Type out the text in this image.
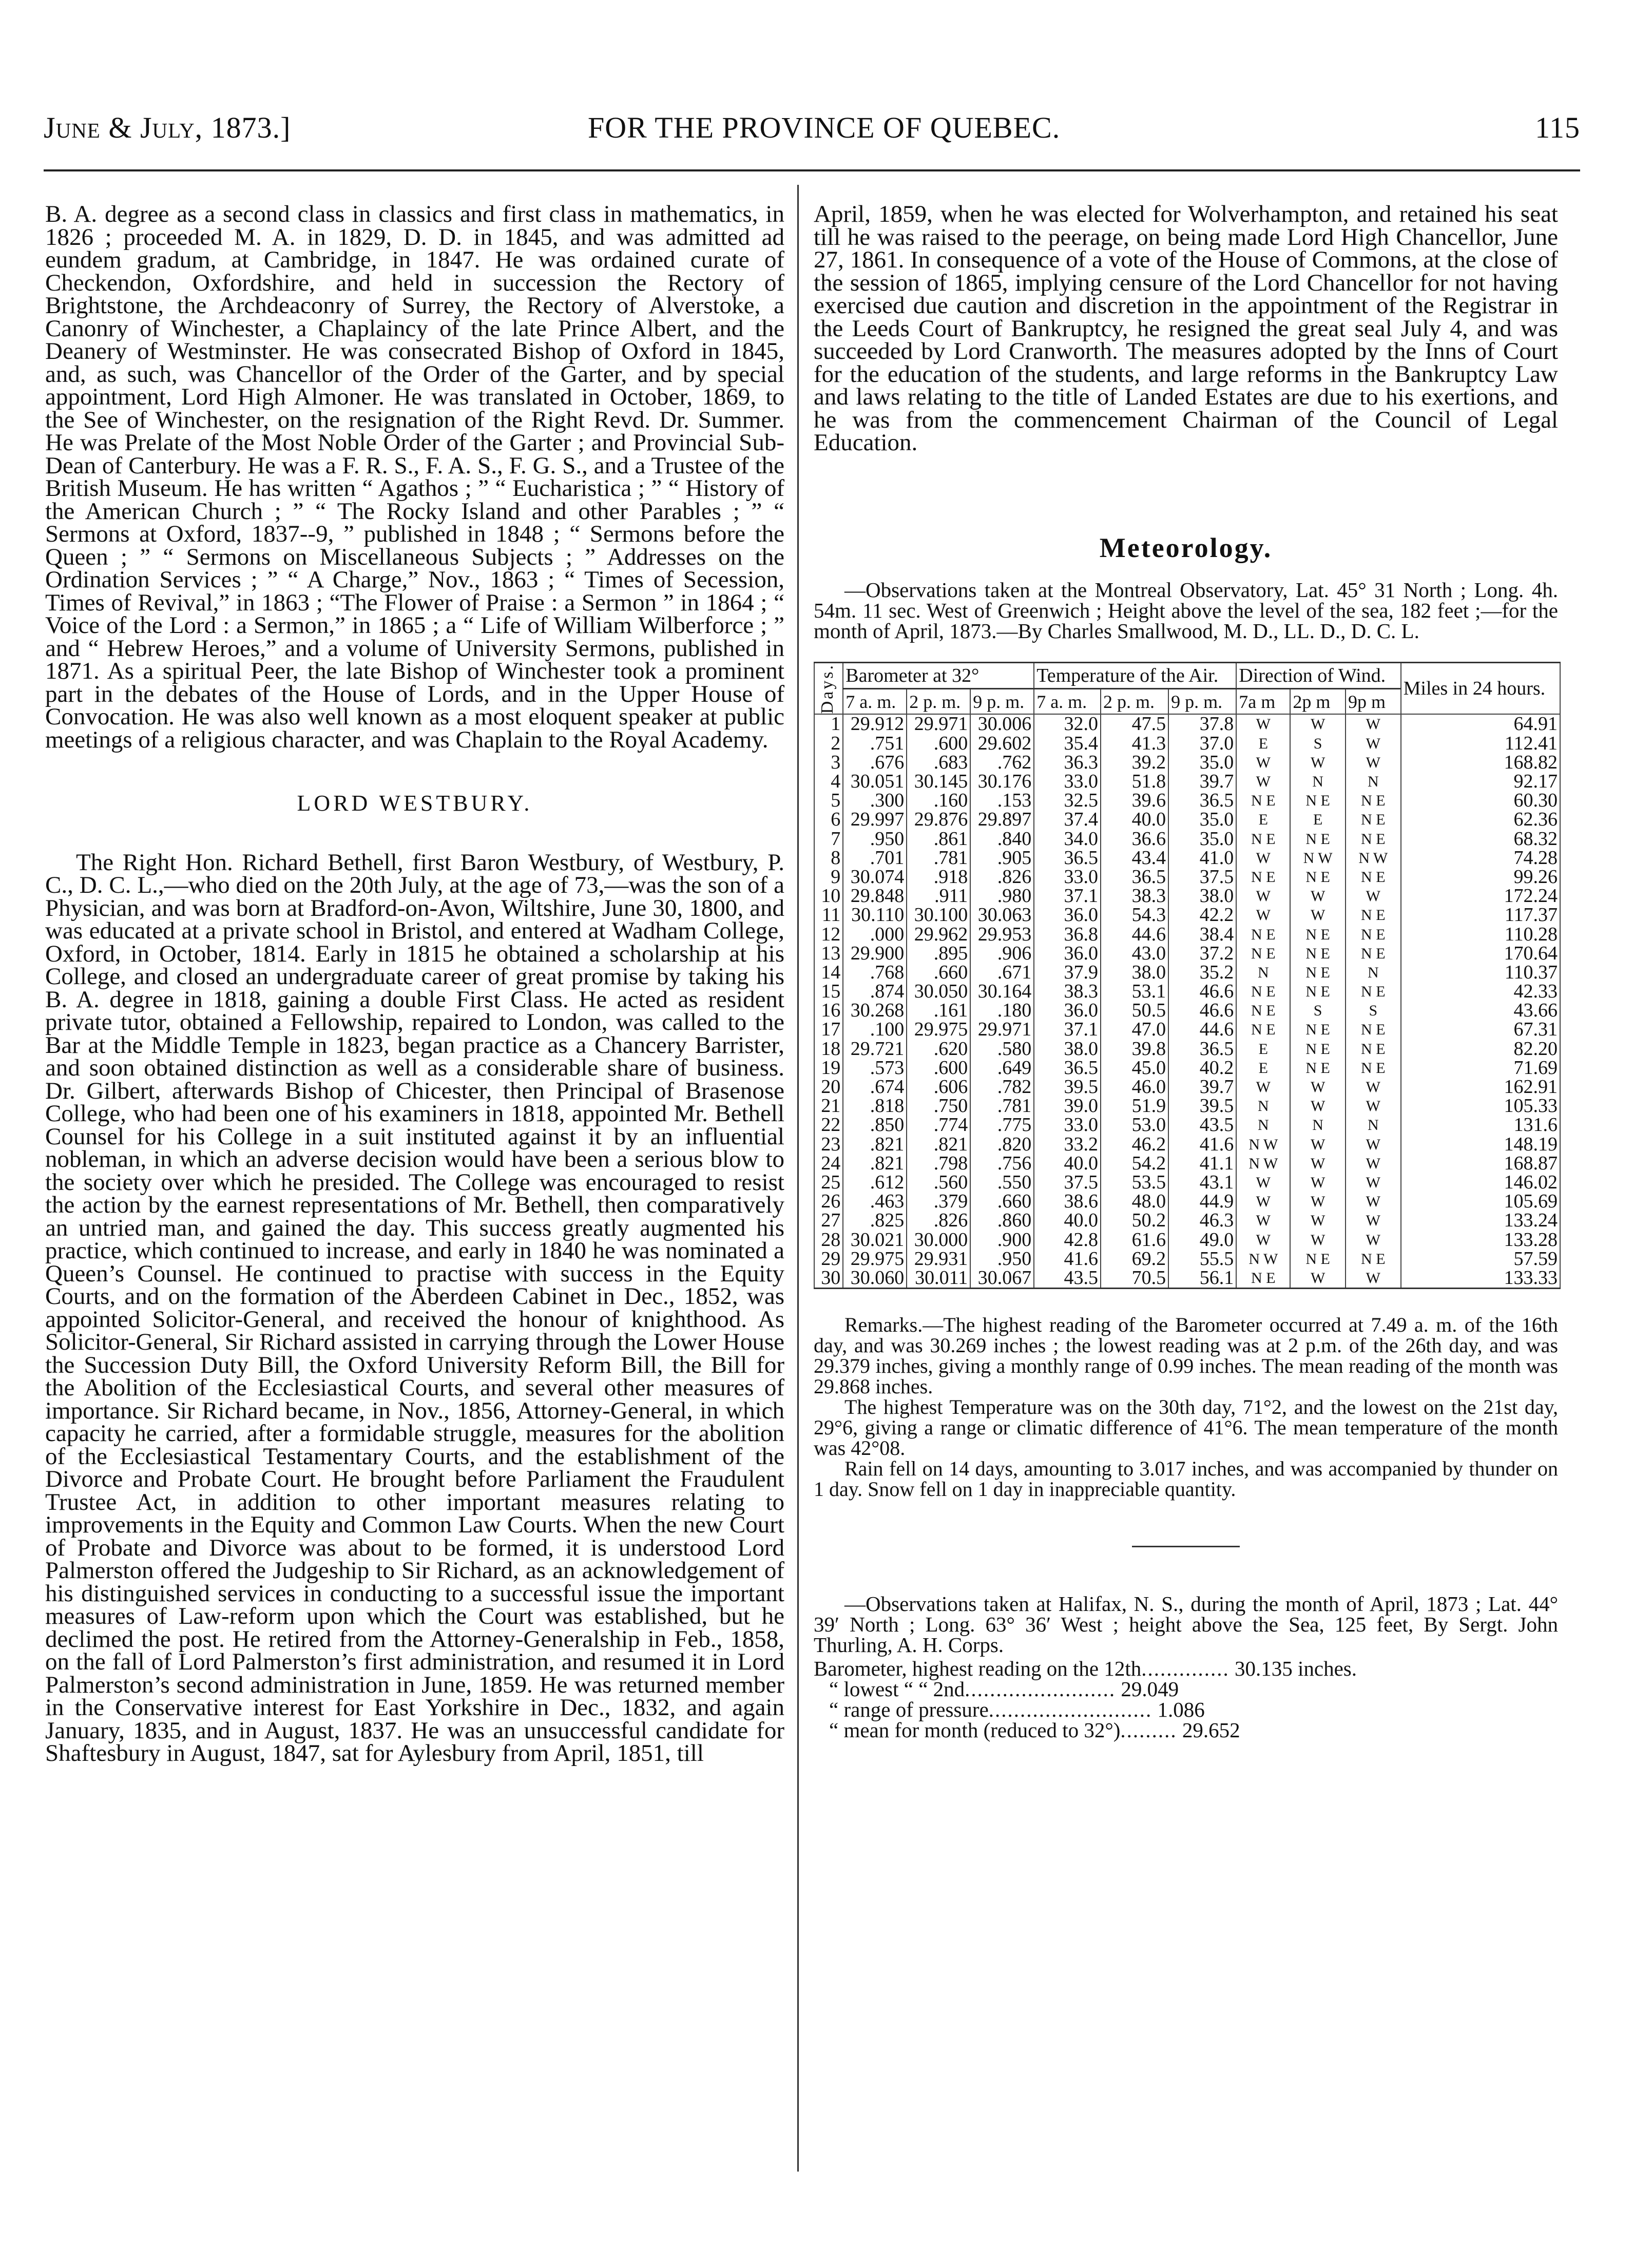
June & July, 1873.]	FOR THE PROVINCE OF QUEBEC.	115

B. A. degree as a second class in classics and first class in mathematics, in 1826 ; proceeded M. A. in 1829, D. D. in 1845, and was admitted ad eundem gradum, at Cambridge, in 1847. He was ordained curate of Checkendon, Oxfordshire, and held in succession the Rectory of Brightstone, the Archdeaconry of Surrey, the Rectory of Alverstoke, a Canonry of Winchester, a Chaplaincy of the late Prince Albert, and the Deanery of Westminster. He was consecrated Bishop of Oxford in 1845, and, as such, was Chancellor of the Order of the Garter, and by special appointment, Lord High Almoner. He was translated in October, 1869, to the See of Winchester, on the resignation of the Right Revd. Dr. Summer. He was Prelate of the Most Noble Order of the Garter ; and Provincial Sub-Dean of Canterbury. He was a F. R. S., F. A. S., F. G. S., and a Trustee of the British Museum. He has written “ Agathos ; ” “ Eucharistica ; ” “ History of the American Church ; ” “ The Rocky Island and other Parables ; ” “ Sermons at Oxford, 1837--9, ” published in 1848 ; “ Sermons before the Queen ; ” “ Sermons on Miscellaneous Subjects ; ” Addresses on the Ordination Services ; ” “ A Charge,” Nov., 1863 ; “ Times of Secession, Times of Revival,” in 1863 ; “The Flower of Praise : a Sermon ” in 1864 ; “ Voice of the Lord : a Sermon,” in 1865 ; a “ Life of William Wilberforce ; ” and “ Hebrew Heroes,” and a volume of University Sermons, published in 1871. As a spiritual Peer, the late Bishop of Winchester took a prominent part in the debates of the House of Lords, and in the Upper House of Convocation. He was also well known as a most eloquent speaker at public meetings of a religious character, and was Chaplain to the Royal Academy.

LORD WESTBURY.

The Right Hon. Richard Bethell, first Baron Westbury, of Westbury, P. C., D. C. L.,—who died on the 20th July, at the age of 73,—was the son of a Physician, and was born at Bradford-on-Avon, Wiltshire, June 30, 1800, and was educated at a private school in Bristol, and entered at Wadham College, Oxford, in October, 1814. Early in 1815 he obtained a scholarship at his College, and closed an undergraduate career of great promise by taking his B. A. degree in 1818, gaining a double First Class. He acted as resident private tutor, obtained a Fellowship, repaired to London, was called to the Bar at the Middle Temple in 1823, began practice as a Chancery Barrister, and soon obtained distinction as well as a considerable share of business. Dr. Gilbert, afterwards Bishop of Chicester, then Principal of Brasenose College, who had been one of his examiners in 1818, appointed Mr. Bethell Counsel for his College in a suit instituted against it by an influential nobleman, in which an adverse decision would have been a serious blow to the society over which he presided. The College was encouraged to resist the action by the earnest representations of Mr. Bethell, then comparatively an untried man, and gained the day. This success greatly augmented his practice, which continued to increase, and early in 1840 he was nominated a Queen’s Counsel. He continued to practise with success in the Equity Courts, and on the formation of the Aberdeen Cabinet in Dec., 1852, was appointed Solicitor-General, and received the honour of knighthood. As Solicitor-General, Sir Richard assisted in carrying through the Lower House the Succession Duty Bill, the Oxford University Reform Bill, the Bill for the Abolition of the Ecclesiastical Courts, and several other measures of importance. Sir Richard became, in Nov., 1856, Attorney-General, in which capacity he carried, after a formidable struggle, measures for the abolition of the Ecclesiastical Testamentary Courts, and the establishment of the Divorce and Probate Court. He brought before Parliament the Fraudulent Trustee Act, in addition to other important measures relating to improvements in the Equity and Common Law Courts. When the new Court of Probate and Divorce was about to be formed, it is understood Lord Palmerston offered the Judgeship to Sir Richard, as an acknowledgement of his distinguished services in conducting to a successful issue the important measures of Law-reform upon which the Court was established, but he declimed the post. He retired from the Attorney-Generalship in Feb., 1858, on the fall of Lord Palmerston’s first administration, and resumed it in Lord Palmerston’s second administration in June, 1859. He was returned member in the Conservative interest for East Yorkshire in Dec., 1832, and again January, 1835, and in August, 1837. He was an unsuccessful candidate for Shaftesbury in August, 1847, sat for Aylesbury from April, 1851, till

April, 1859, when he was elected for Wolverhampton, and retained his seat till he was raised to the peerage, on being made Lord High Chancellor, June 27, 1861. In consequence of a vote of the House of Commons, at the close of the session of 1865, implying censure of the Lord Chancellor for not having exercised due caution and discretion in the appointment of the Registrar in the Leeds Court of Bankruptcy, he resigned the great seal July 4, and was succeeded by Lord Cranworth. The measures adopted by the Inns of Court for the education of the students, and large reforms in the Bankruptcy Law and laws relating to the title of Landed Estates are due to his exertions, and he was from the commencement Chairman of the Council of Legal Education.

Meteorology.

—Observations taken at the Montreal Observatory, Lat. 45° 31 North ; Long. 4h. 54m. 11 sec. West of Greenwich ; Height above the level of the sea, 182 feet ;—for the month of April, 1873.—By Charles Smallwood, M. D., LL. D., D. C. L.

Days.	Barometer at 32°			Temperature of the Air.			Direction of Wind.			Miles in 24 hours.
	7 a. m.	2 p. m.	9 p. m.	7 a. m.	2 p. m.	9 p. m.	7a m	2p m	9p m	
1	29.912	29.971	30.006	32.0	47.5	37.8	W	W	W	64.91
2	.751	.600	29.602	35.4	41.3	37.0	E	S	W	112.41
3	.676	.683	.762	36.3	39.2	35.0	W	W	W	168.82
4	30.051	30.145	30.176	33.0	51.8	39.7	W	N	N	92.17
5	.300	.160	.153	32.5	39.6	36.5	N E	N E	N E	60.30
6	29.997	29.876	29.897	37.4	40.0	35.0	E	E	N E	62.36
7	.950	.861	.840	34.0	36.6	35.0	N E	N E	N E	68.32
8	.701	.781	.905	36.5	43.4	41.0	W	N W	N W	74.28
9	30.074	.918	.826	33.0	36.5	37.5	N E	N E	N E	99.26
10	29.848	.911	.980	37.1	38.3	38.0	W	W	W	172.24
11	30.110	30.100	30.063	36.0	54.3	42.2	W	W	N E	117.37
12	.000	29.962	29.953	36.8	44.6	38.4	N E	N E	N E	110.28
13	29.900	.895	.906	36.0	43.0	37.2	N E	N E	N E	170.64
14	.768	.660	.671	37.9	38.0	35.2	N	N E	N	110.37
15	.874	30.050	30.164	38.3	53.1	46.6	N E	N E	N E	42.33
16	30.268	.161	.180	36.0	50.5	46.6	N E	S	S	43.66
17	.100	29.975	29.971	37.1	47.0	44.6	N E	N E	N E	67.31
18	29.721	.620	.580	38.0	39.8	36.5	E	N E	N E	82.20
19	.573	.600	.649	36.5	45.0	40.2	E	N E	N E	71.69
20	.674	.606	.782	39.5	46.0	39.7	W	W	W	162.91
21	.818	.750	.781	39.0	51.9	39.5	N	W	W	105.33
22	.850	.774	.775	33.0	53.0	43.5	N	N	N	131.6
23	.821	.821	.820	33.2	46.2	41.6	N W	W	W	148.19
24	.821	.798	.756	40.0	54.2	41.1	N W	W	W	168.87
25	.612	.560	.550	37.5	53.5	43.1	W	W	W	146.02
26	.463	.379	.660	38.6	48.0	44.9	W	W	W	105.69
27	.825	.826	.860	40.0	50.2	46.3	W	W	W	133.24
28	30.021	30.000	.900	42.8	61.6	49.0	W	W	W	133.28
29	29.975	29.931	.950	41.6	69.2	55.5	N W	N E	N E	57.59
30	30.060	30.011	30.067	43.5	70.5	56.1	N E	W	W	133.33

Remarks.—The highest reading of the Barometer occurred at 7.49 a. m. of the 16th day, and was 30.269 inches ; the lowest reading was at 2 p.m. of the 26th day, and was 29.379 inches, giving a monthly range of 0.99 inches. The mean reading of the month was 29.868 inches.

The highest Temperature was on the 30th day, 71°2, and the lowest on the 21st day, 29°6, giving a range or climatic difference of 41°6. The mean temperature of the month was 42°08.

Rain fell on 14 days, amounting to 3.017 inches, and was accompanied by thunder on 1 day. Snow fell on 1 day in inappreciable quantity.

—Observations taken at Halifax, N. S., during the month of April, 1873 ; Lat. 44° 39′ North ; Long. 63° 36′ West ; height above the Sea, 125 feet, By Sergt. John Thurling, A. H. Corps.

Barometer, highest reading on the 12th.............. 30.135 inches.
“ lowest “ “ 2nd........................ 29.049
“ range of pressure.......................... 1.086
“ mean for month (reduced to 32°)......... 29.652
